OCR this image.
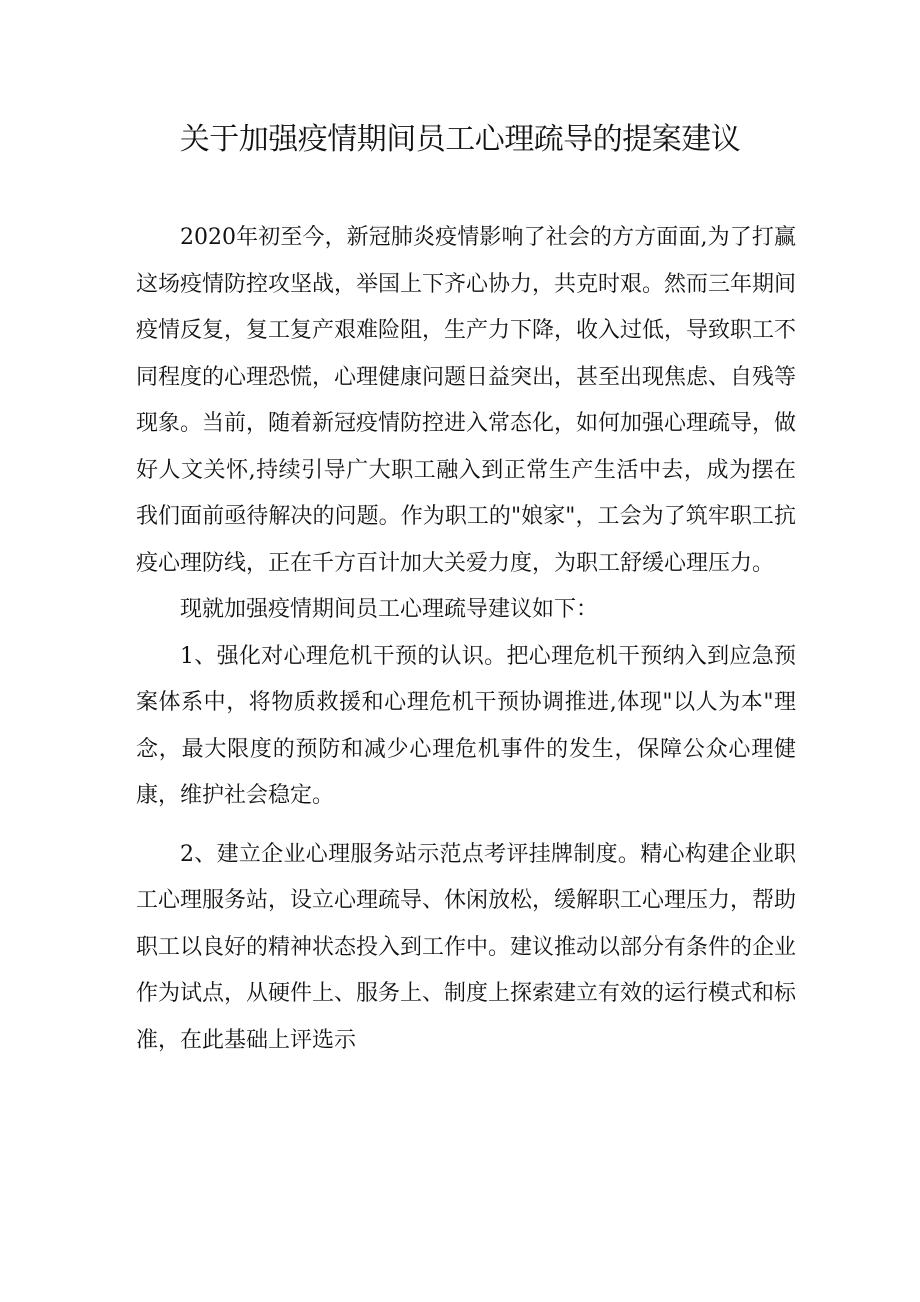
关于加强疫情期间员工心理疏导的提案建议

2020年初至今，新冠肺炎疫情影响了社会的方方面面,为了打赢这场疫情防控攻坚战，举国上下齐心协力，共克时艰。然而三年期间疫情反复，复工复产艰难险阻，生产力下降，收入过低，导致职工不同程度的心理恐慌，心理健康问题日益突出，甚至出现焦虑、自残等现象。当前，随着新冠疫情防控进入常态化，如何加强心理疏导，做好人文关怀,持续引导广大职工融入到正常生产生活中去，成为摆在我们面前亟待解决的问题。作为职工的"娘家"，工会为了筑牢职工抗疫心理防线，正在千方百计加大关爱力度，为职工舒缓心理压力。

现就加强疫情期间员工心理疏导建议如下：

1、强化对心理危机干预的认识。把心理危机干预纳入到应急预案体系中，将物质救援和心理危机干预协调推进,体现"以人为本"理念，最大限度的预防和减少心理危机事件的发生，保障公众心理健康，维护社会稳定。

2、建立企业心理服务站示范点考评挂牌制度。精心构建企业职工心理服务站，设立心理疏导、休闲放松，缓解职工心理压力，帮助职工以良好的精神状态投入到工作中。建议推动以部分有条件的企业作为试点，从硬件上、服务上、制度上探索建立有效的运行模式和标准，在此基础上评选示
